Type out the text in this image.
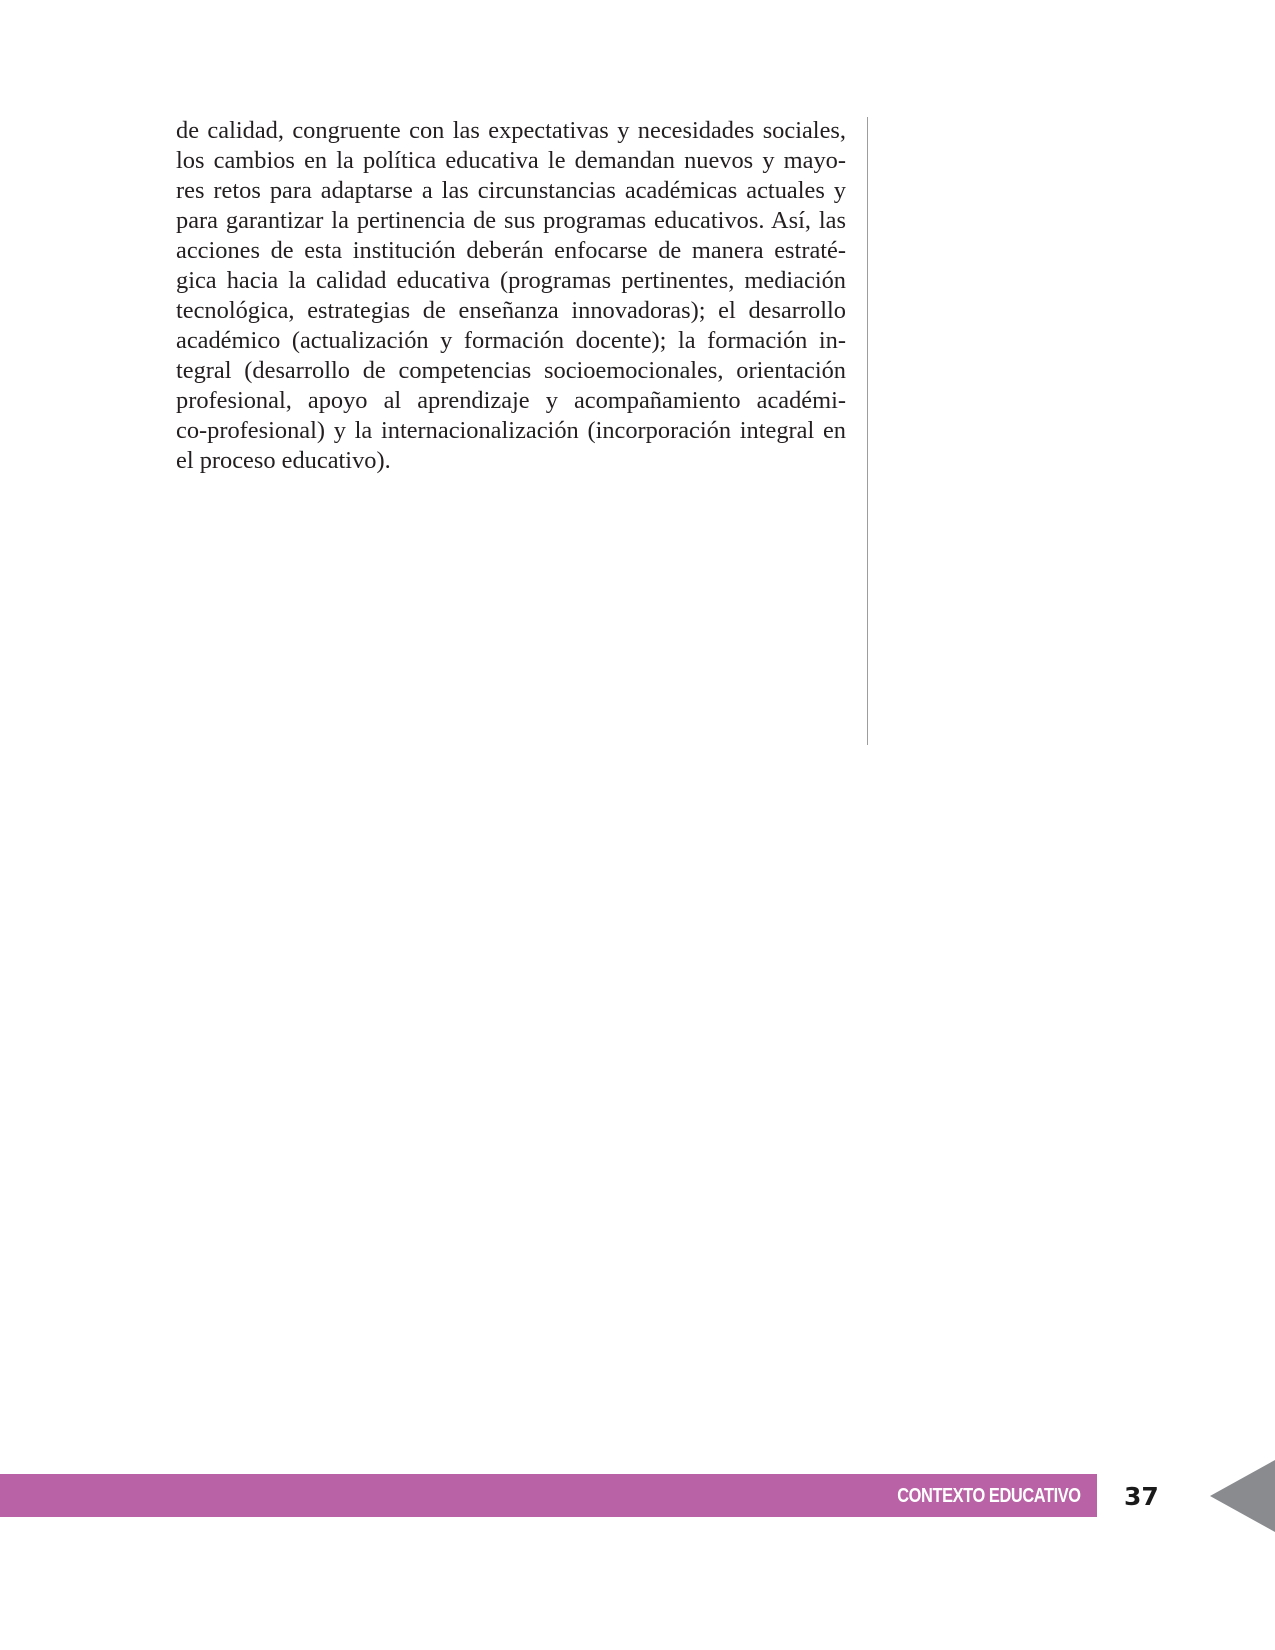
de calidad, congruente con las expectativas y necesidades sociales,
los cambios en la política educativa le demandan nuevos y mayo-
res retos para adaptarse a las circunstancias académicas actuales y
para garantizar la pertinencia de sus programas educativos. Así, las
acciones de esta institución deberán enfocarse de manera estraté-
gica hacia la calidad educativa (programas pertinentes, mediación
tecnológica, estrategias de enseñanza innovadoras); el desarrollo
académico (actualización y formación docente); la formación in-
tegral (desarrollo de competencias socioemocionales, orientación
profesional, apoyo al aprendizaje y acompañamiento académi-
co-profesional) y la internacionalización (incorporación integral en
el proceso educativo).
CONTEXTO EDUCATIVO 37
